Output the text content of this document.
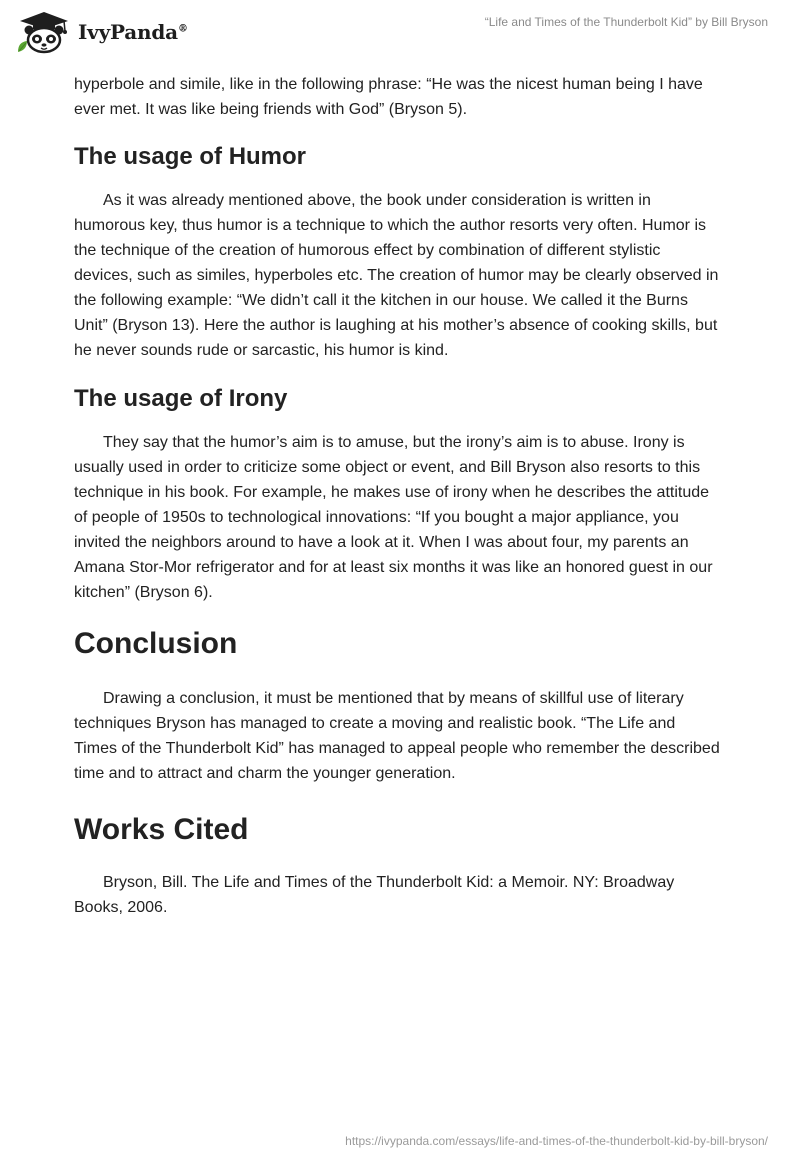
IvyPanda®	“Life and Times of the Thunderbolt Kid” by Bill Bryson

hyperbole and simile, like in the following phrase: “He was the nicest human being I have ever met. It was like being friends with God” (Bryson 5).

The usage of Humor

As it was already mentioned above, the book under consideration is written in humorous key, thus humor is a technique to which the author resorts very often. Humor is the technique of the creation of humorous effect by combination of different stylistic devices, such as similes, hyperboles etc. The creation of humor may be clearly observed in the following example: “We didn’t call it the kitchen in our house. We called it the Burns Unit” (Bryson 13). Here the author is laughing at his mother’s absence of cooking skills, but he never sounds rude or sarcastic, his humor is kind.

The usage of Irony

They say that the humor’s aim is to amuse, but the irony’s aim is to abuse. Irony is usually used in order to criticize some object or event, and Bill Bryson also resorts to this technique in his book. For example, he makes use of irony when he describes the attitude of people of 1950s to technological innovations: “If you bought a major appliance, you invited the neighbors around to have a look at it. When I was about four, my parents an Amana Stor-Mor refrigerator and for at least six months it was like an honored guest in our kitchen” (Bryson 6).

Conclusion

Drawing a conclusion, it must be mentioned that by means of skillful use of literary techniques Bryson has managed to create a moving and realistic book. “The Life and Times of the Thunderbolt Kid” has managed to appeal people who remember the described time and to attract and charm the younger generation.

Works Cited

Bryson, Bill. The Life and Times of the Thunderbolt Kid: a Memoir. NY: Broadway Books, 2006.

https://ivypanda.com/essays/life-and-times-of-the-thunderbolt-kid-by-bill-bryson/
